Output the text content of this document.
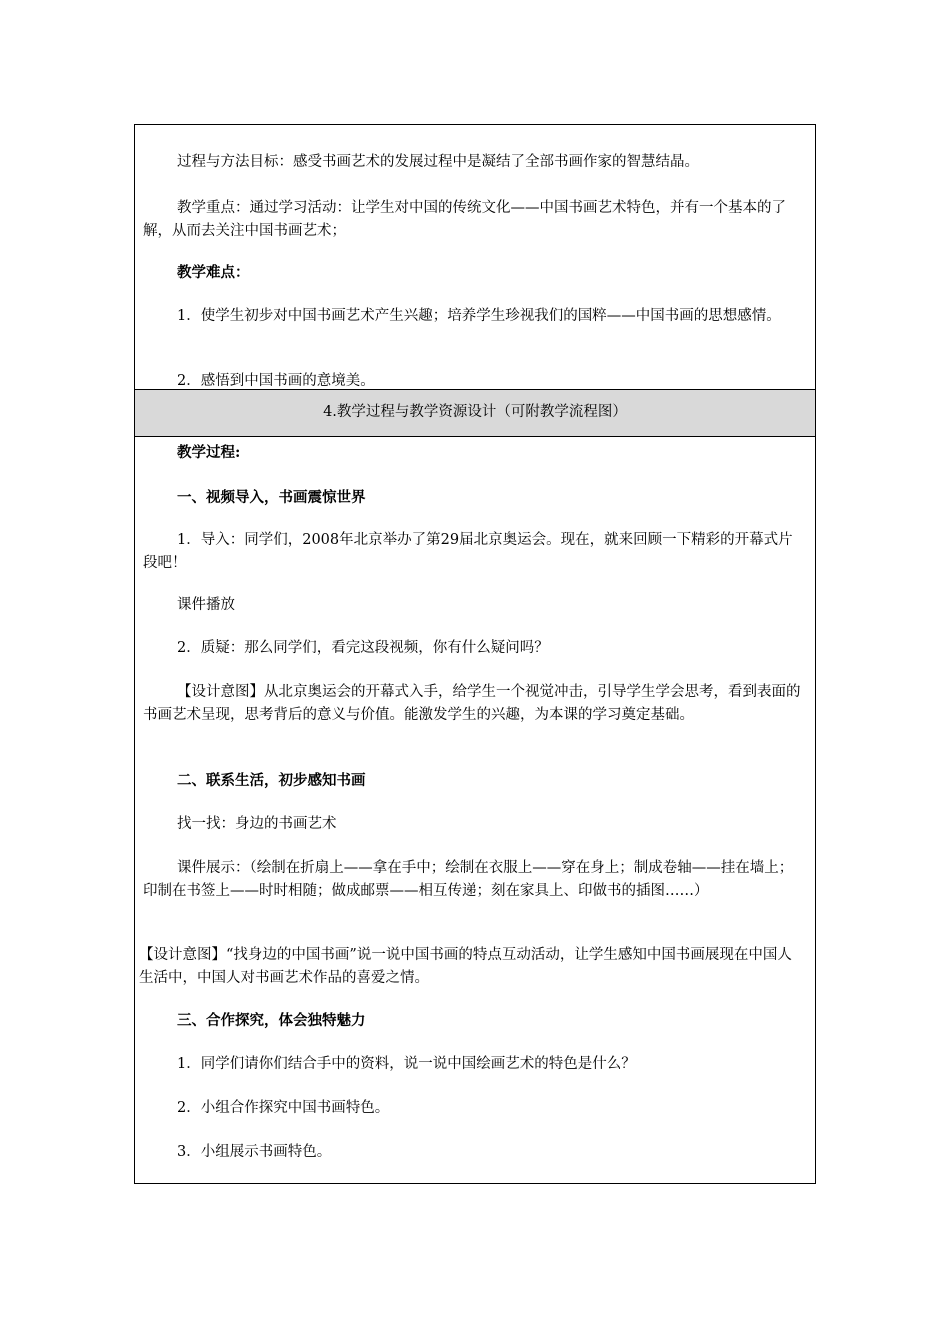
过程与方法目标：感受书画艺术的发展过程中是凝结了全部书画作家的智慧结晶。

教学重点：通过学习活动：让学生对中国的传统文化——中国书画艺术特色，并有一个基本的了解，从而去关注中国书画艺术；

教学难点：

1．使学生初步对中国书画艺术产生兴趣；培养学生珍视我们的国粹——中国书画的思想感情。

2．感悟到中国书画的意境美。

4.教学过程与教学资源设计（可附教学流程图）

教学过程:

一、视频导入，书画震惊世界

1．导入：同学们，2008年北京举办了第29届北京奥运会。现在，就来回顾一下精彩的开幕式片段吧！

课件播放

2．质疑：那么同学们，看完这段视频，你有什么疑问吗？

【设计意图】从北京奥运会的开幕式入手，给学生一个视觉冲击，引导学生学会思考，看到表面的书画艺术呈现，思考背后的意义与价值。能激发学生的兴趣，为本课的学习奠定基础。

二、联系生活，初步感知书画

找一找：身边的书画艺术

课件展示：（绘制在折扇上——拿在手中；绘制在衣服上——穿在身上；制成卷轴——挂在墙上；印制在书签上——时时相随；做成邮票——相互传递；刻在家具上、印做书的插图……）

【设计意图】“找身边的中国书画”说一说中国书画的特点互动活动，让学生感知中国书画展现在中国人生活中，中国人对书画艺术作品的喜爱之情。

三、合作探究，体会独特魅力

1．同学们请你们结合手中的资料，说一说中国绘画艺术的特色是什么？

2．小组合作探究中国书画特色。

3．小组展示书画特色。
